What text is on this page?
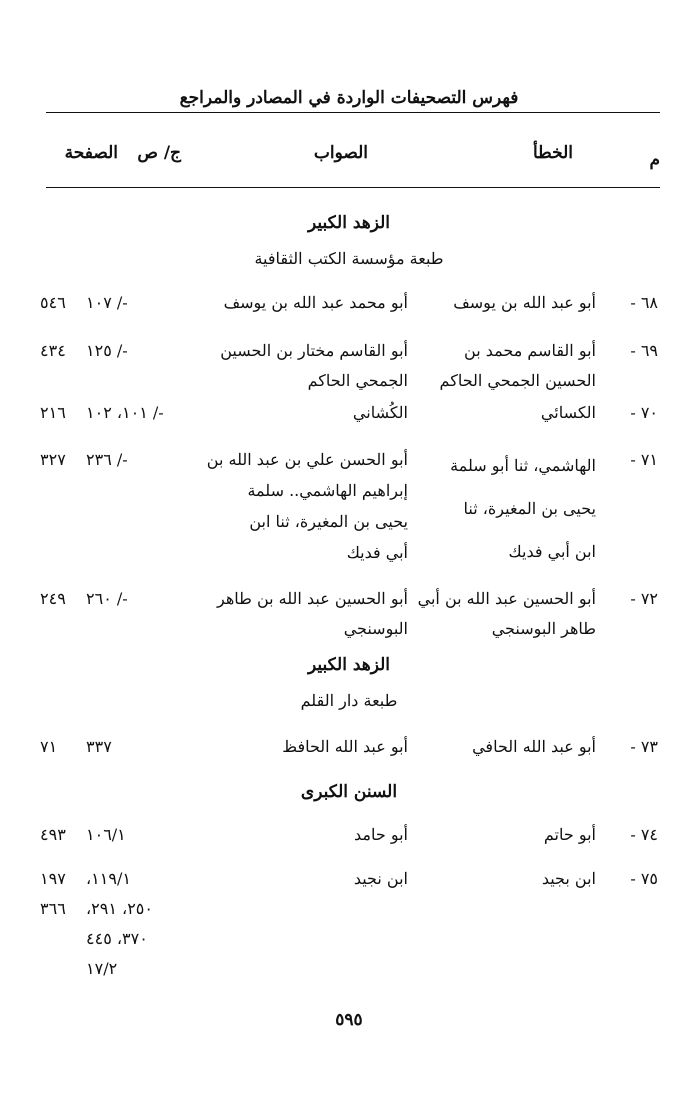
فهرس التصحيفات الواردة في المصادر والمراجع
م
الخطأ
الصواب
ج/ ص
الصفحة
الزهد الكبير
طبعة مؤسسة الكتب الثقافية
٦٨ -
أبو عبد الله بن يوسف
أبو محمد عبد الله بن يوسف
-/ ١٠٧
٥٤٦
٦٩ -
أبو القاسم محمد بن
الحسين الجمحي الحاكم
أبو القاسم مختار بن الحسين
الجمحي الحاكم
-/ ١٢٥
٤٣٤
٧٠ -
الكسائي
الكُشاني
-/ ١٠١، ١٠٢
٢١٦
٧١ -
الهاشمي، ثنا أبو سلمة
يحيى بن المغيرة، ثنا
ابن أبي فديك
أبو الحسن علي بن عبد الله بن
إبراهيم الهاشمي.. سلمة
يحيى بن المغيرة، ثنا ابن
أبي فديك
-/ ٢٣٦
٣٢٧
٧٢ -
أبو الحسين عبد الله بن أبي
طاهر البوسنجي
أبو الحسين عبد الله بن طاهر
البوسنجي
-/ ٢٦٠
٢٤٩
الزهد الكبير
طبعة دار القلم
٧٣ -
أبو عبد الله الحافي
أبو عبد الله الحافظ
٣٣٧
٧١
السنن الكبرى
٧٤ -
أبو حاتم
أبو حامد
١٠٦/١
٤٩٣
٧٥ -
ابن بجيد
ابن نجيد
١١٩/١،
٢٥٠، ٢٩١،
٣٧٠، ٤٤٥
١٧/٢
١٩٧
٣٦٦
٥٩٥
